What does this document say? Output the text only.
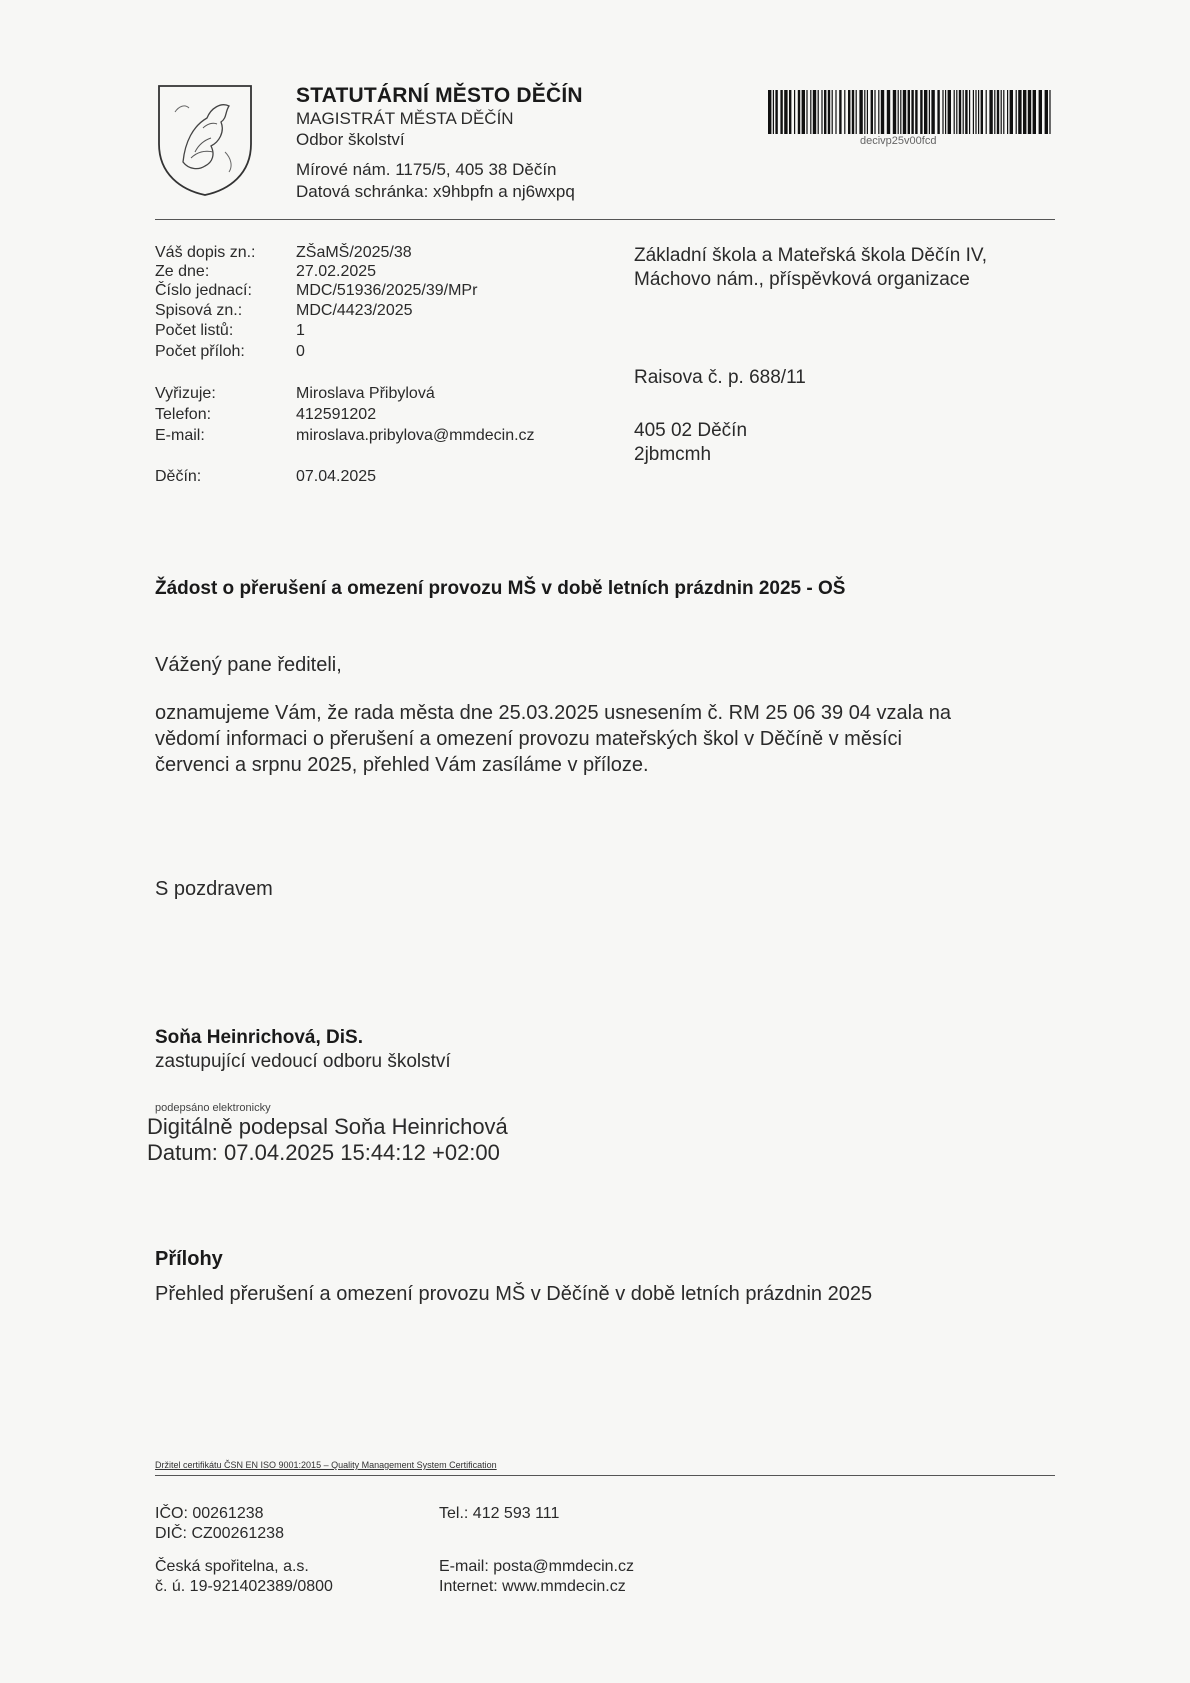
STATUTÁRNÍ MĚSTO DĚČÍN
MAGISTRÁT MĚSTA DĚČÍN
Odbor školství
Mírové nám. 1175/5, 405 38 Děčín
Datová schránka: x9hbpfn a nj6wxpq
decivp25v00fcd
Váš dopis zn.:	ZŠaMŠ/2025/38
Ze dne:	27.02.2025
Číslo jednací:	MDC/51936/2025/39/MPr
Spisová zn.:	MDC/4423/2025
Počet listů:	1
Počet příloh:	0
Vyřizuje:	Miroslava Přibylová
Telefon:	412591202
E-mail:	miroslava.pribylova@mmdecin.cz
Děčín:	07.04.2025
Základní škola a Mateřská škola Děčín IV,
Máchovo nám., příspěvková organizace
Raisova č. p. 688/11
405 02 Děčín
2jbmcmh
Žádost o přerušení a omezení provozu MŠ v době letních prázdnin 2025 - OŠ
Vážený pane řediteli,
oznamujeme Vám, že rada města dne 25.03.2025 usnesením č. RM 25 06 39 04 vzala na
vědomí informaci o přerušení a omezení provozu mateřských škol v Děčíně v měsíci
červenci a srpnu 2025, přehled Vám zasíláme v příloze.
S pozdravem
Soňa Heinrichová, DiS.
zastupující vedoucí odboru školství
podepsáno elektronicky
Digitálně podepsal Soňa Heinrichová
Datum: 07.04.2025 15:44:12 +02:00
Přílohy
Přehled přerušení a omezení provozu MŠ v Děčíně v době letních prázdnin 2025
Držitel certifikátu ČSN EN ISO 9001:2015 – Quality Management System Certification
IČO: 00261238
DIČ: CZ00261238
Česká spořitelna, a.s.
č. ú. 19-921402389/0800
Tel.: 412 593 111
E-mail: posta@mmdecin.cz
Internet: www.mmdecin.cz
